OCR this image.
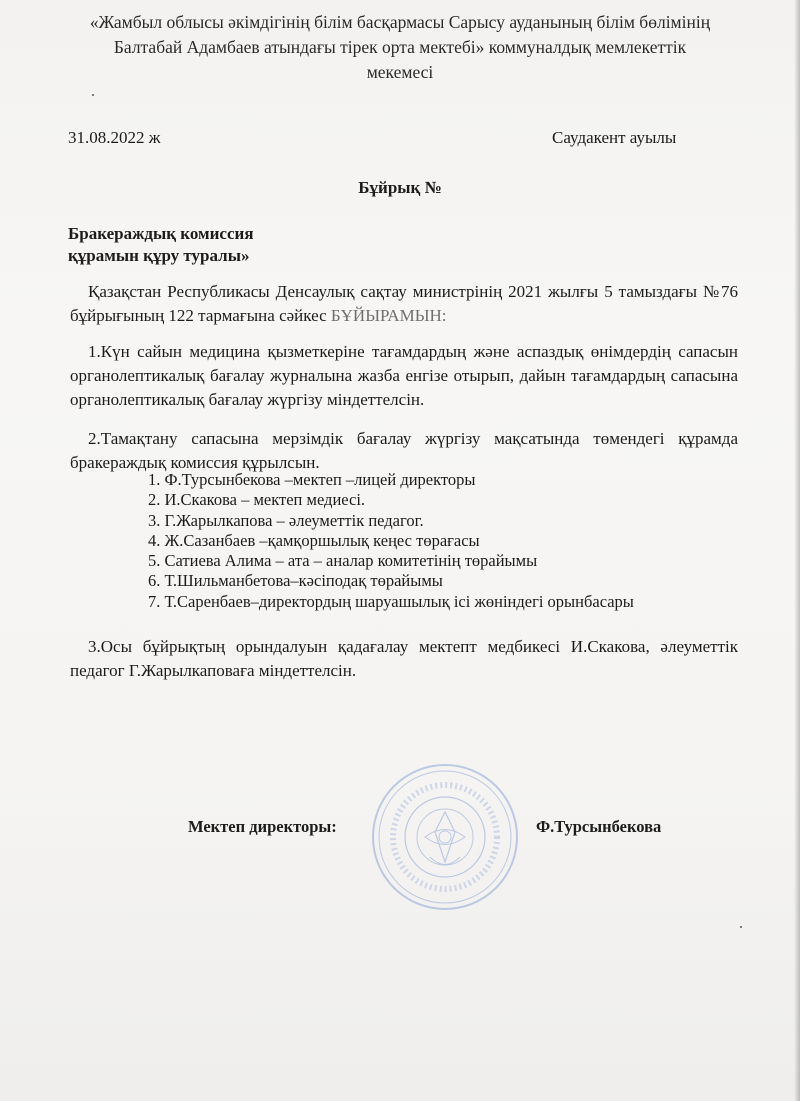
«Жамбыл облысы әкімдігінің білім басқармасы Сарысу ауданының білім бөлімінің
Балтабай Адамбаев атындағы тірек орта мектебі» коммуналдық мемлекеттік
мекемесі
31.08.2022 ж	Саудакент ауылы
Бұйрық №
Бракераждық комиссия
құрамын құру туралы»
Қазақстан Республикасы Денсаулық сақтау министрінің 2021 жылғы 5 тамыздағы №76 бұйрығының 122 тармағына сәйкес БҰЙЫРАМЫН:
1.Күн сайын медицина қызметкеріне тағамдардың және аспаздық өнімдердің сапасын органолептикалық бағалау журналына жазба енгізе отырып, дайын тағамдардың сапасына органолептикалық бағалау жүргізу міндеттелсін.
2.Тамақтану сапасына мерзімдік бағалау жүргізу мақсатында төмендегі құрамда бракераждық комиссия құрылсын.
1. Ф.Турсынбекова –мектеп –лицей директоры
2. И.Скакова – мектеп медиесі.
3. Г.Жарылкапова – әлеуметтік педагог.
4. Ж.Сазанбаев –қамқоршылық кеңес төрағасы
5. Сатиева Алима – ата – аналар комитетінің төрайымы
6. Т.Шильманбетова–кәсіподақ төрайымы
7. Т.Саренбаев–директордың шаруашылық ісі жөніндегі орынбасары
3.Осы бұйрықтың орындалуын қадағалау мектепт медбикесі И.Скакова, әлеуметтік педагог Г.Жарылкаповаға міндеттелсін.
Мектеп директоры:	Ф.Турсынбекова
